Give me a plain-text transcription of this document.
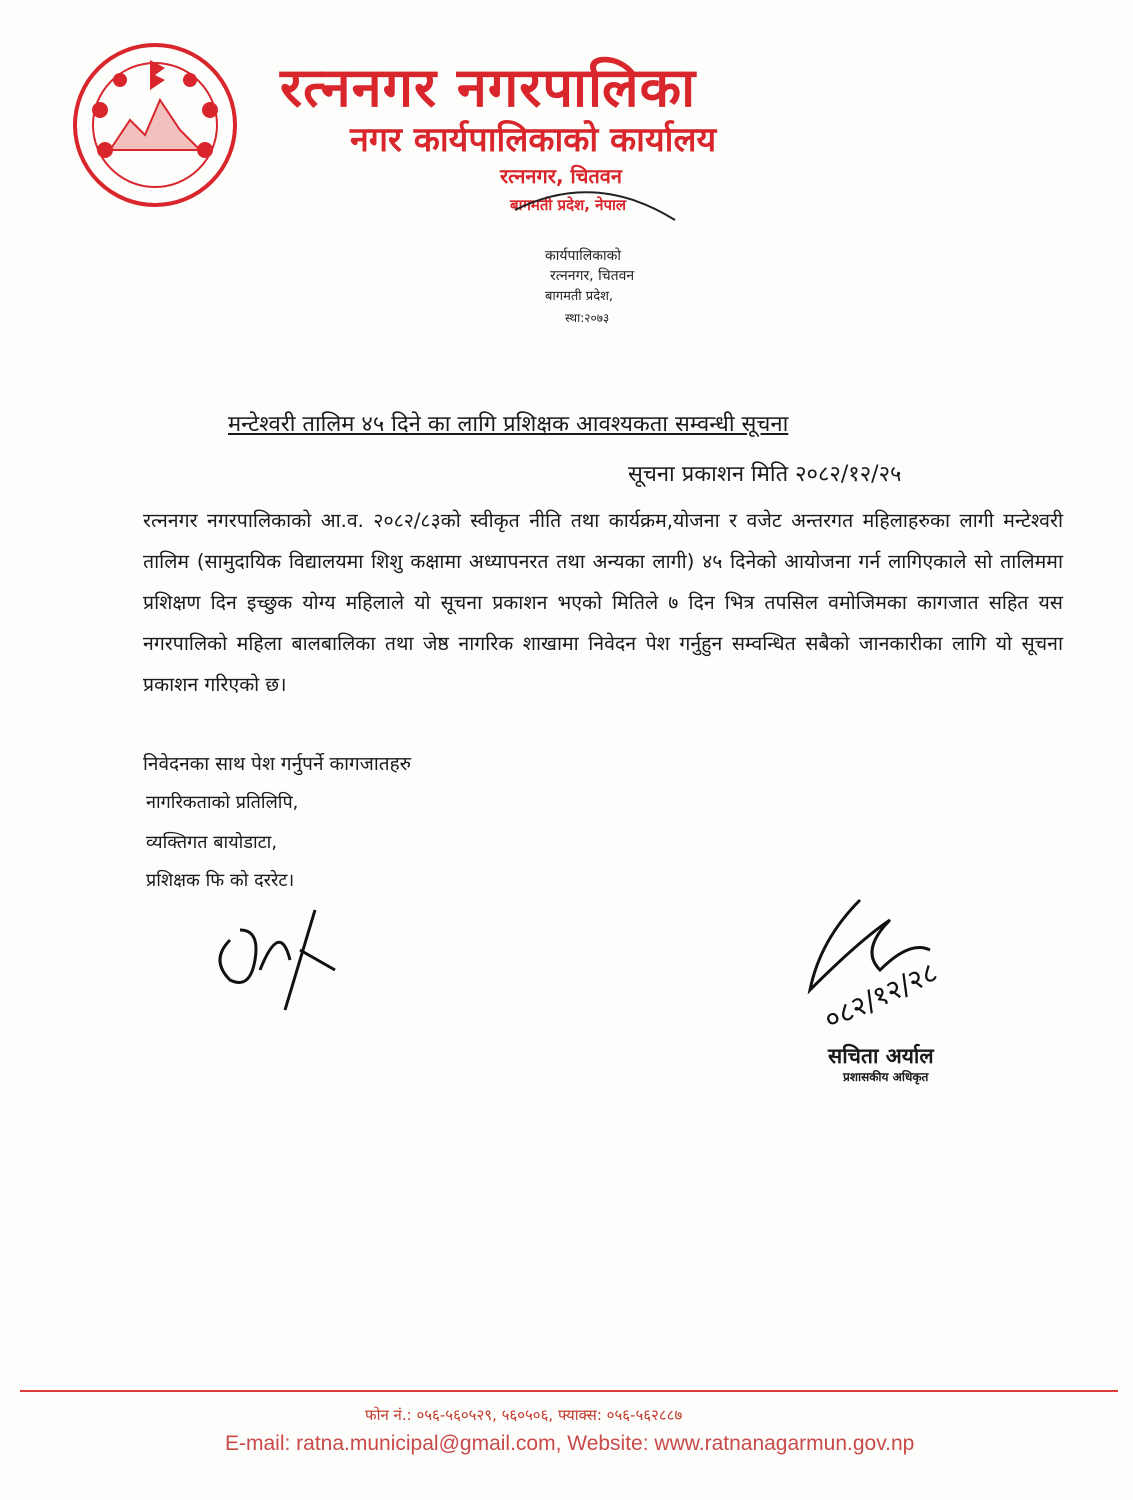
रत्ननगर नगरपालिका
नगर कार्यपालिकाको कार्यालय
रत्ननगर, चितवन
बागमती प्रदेश, नेपाल
कार्यपालिकाको
रत्ननगर, चितवन
बागमती प्रदेश,
स्था:२०७३
मन्टेश्वरी तालिम ४५ दिने का लागि प्रशिक्षक आवश्यकता सम्वन्धी सूचना
सूचना प्रकाशन मिति २०८२/१२/२५
रत्ननगर नगरपालिकाको आ.व. २०८२/८३को स्वीकृत नीति तथा कार्यक्रम,योजना र वजेट अन्तरगत महिलाहरुका लागी मन्टेश्वरी तालिम (सामुदायिक विद्यालयमा शिशु कक्षामा अध्यापनरत तथा अन्यका लागी) ४५ दिनेको आयोजना गर्न लागिएकाले सो तालिममा प्रशिक्षण दिन इच्छुक योग्य महिलाले यो सूचना प्रकाशन भएको मितिले ७ दिन भित्र तपसिल वमोजिमका कागजात सहित यस नगरपालिको महिला बालबालिका तथा जेष्ठ नागरिक शाखामा निवेदन पेश गर्नुहुन सम्वन्धित सबैको जानकारीका लागि यो सूचना प्रकाशन गरिएको छ।
निवेदनका साथ पेश गर्नुपर्ने कागजातहरु
नागरिकताको प्रतिलिपि,
व्यक्तिगत बायोडाटा,
प्रशिक्षक फि को दररेट।
०८२/१२/२८
सचिता अर्याल
प्रशासकीय अधिकृत
फोन नं.: ०५६-५६०५२९, ५६०५०६, फ्याक्स: ०५६-५६२८८७
E-mail: ratna.municipal@gmail.com, Website: www.ratnanagarmun.gov.np
